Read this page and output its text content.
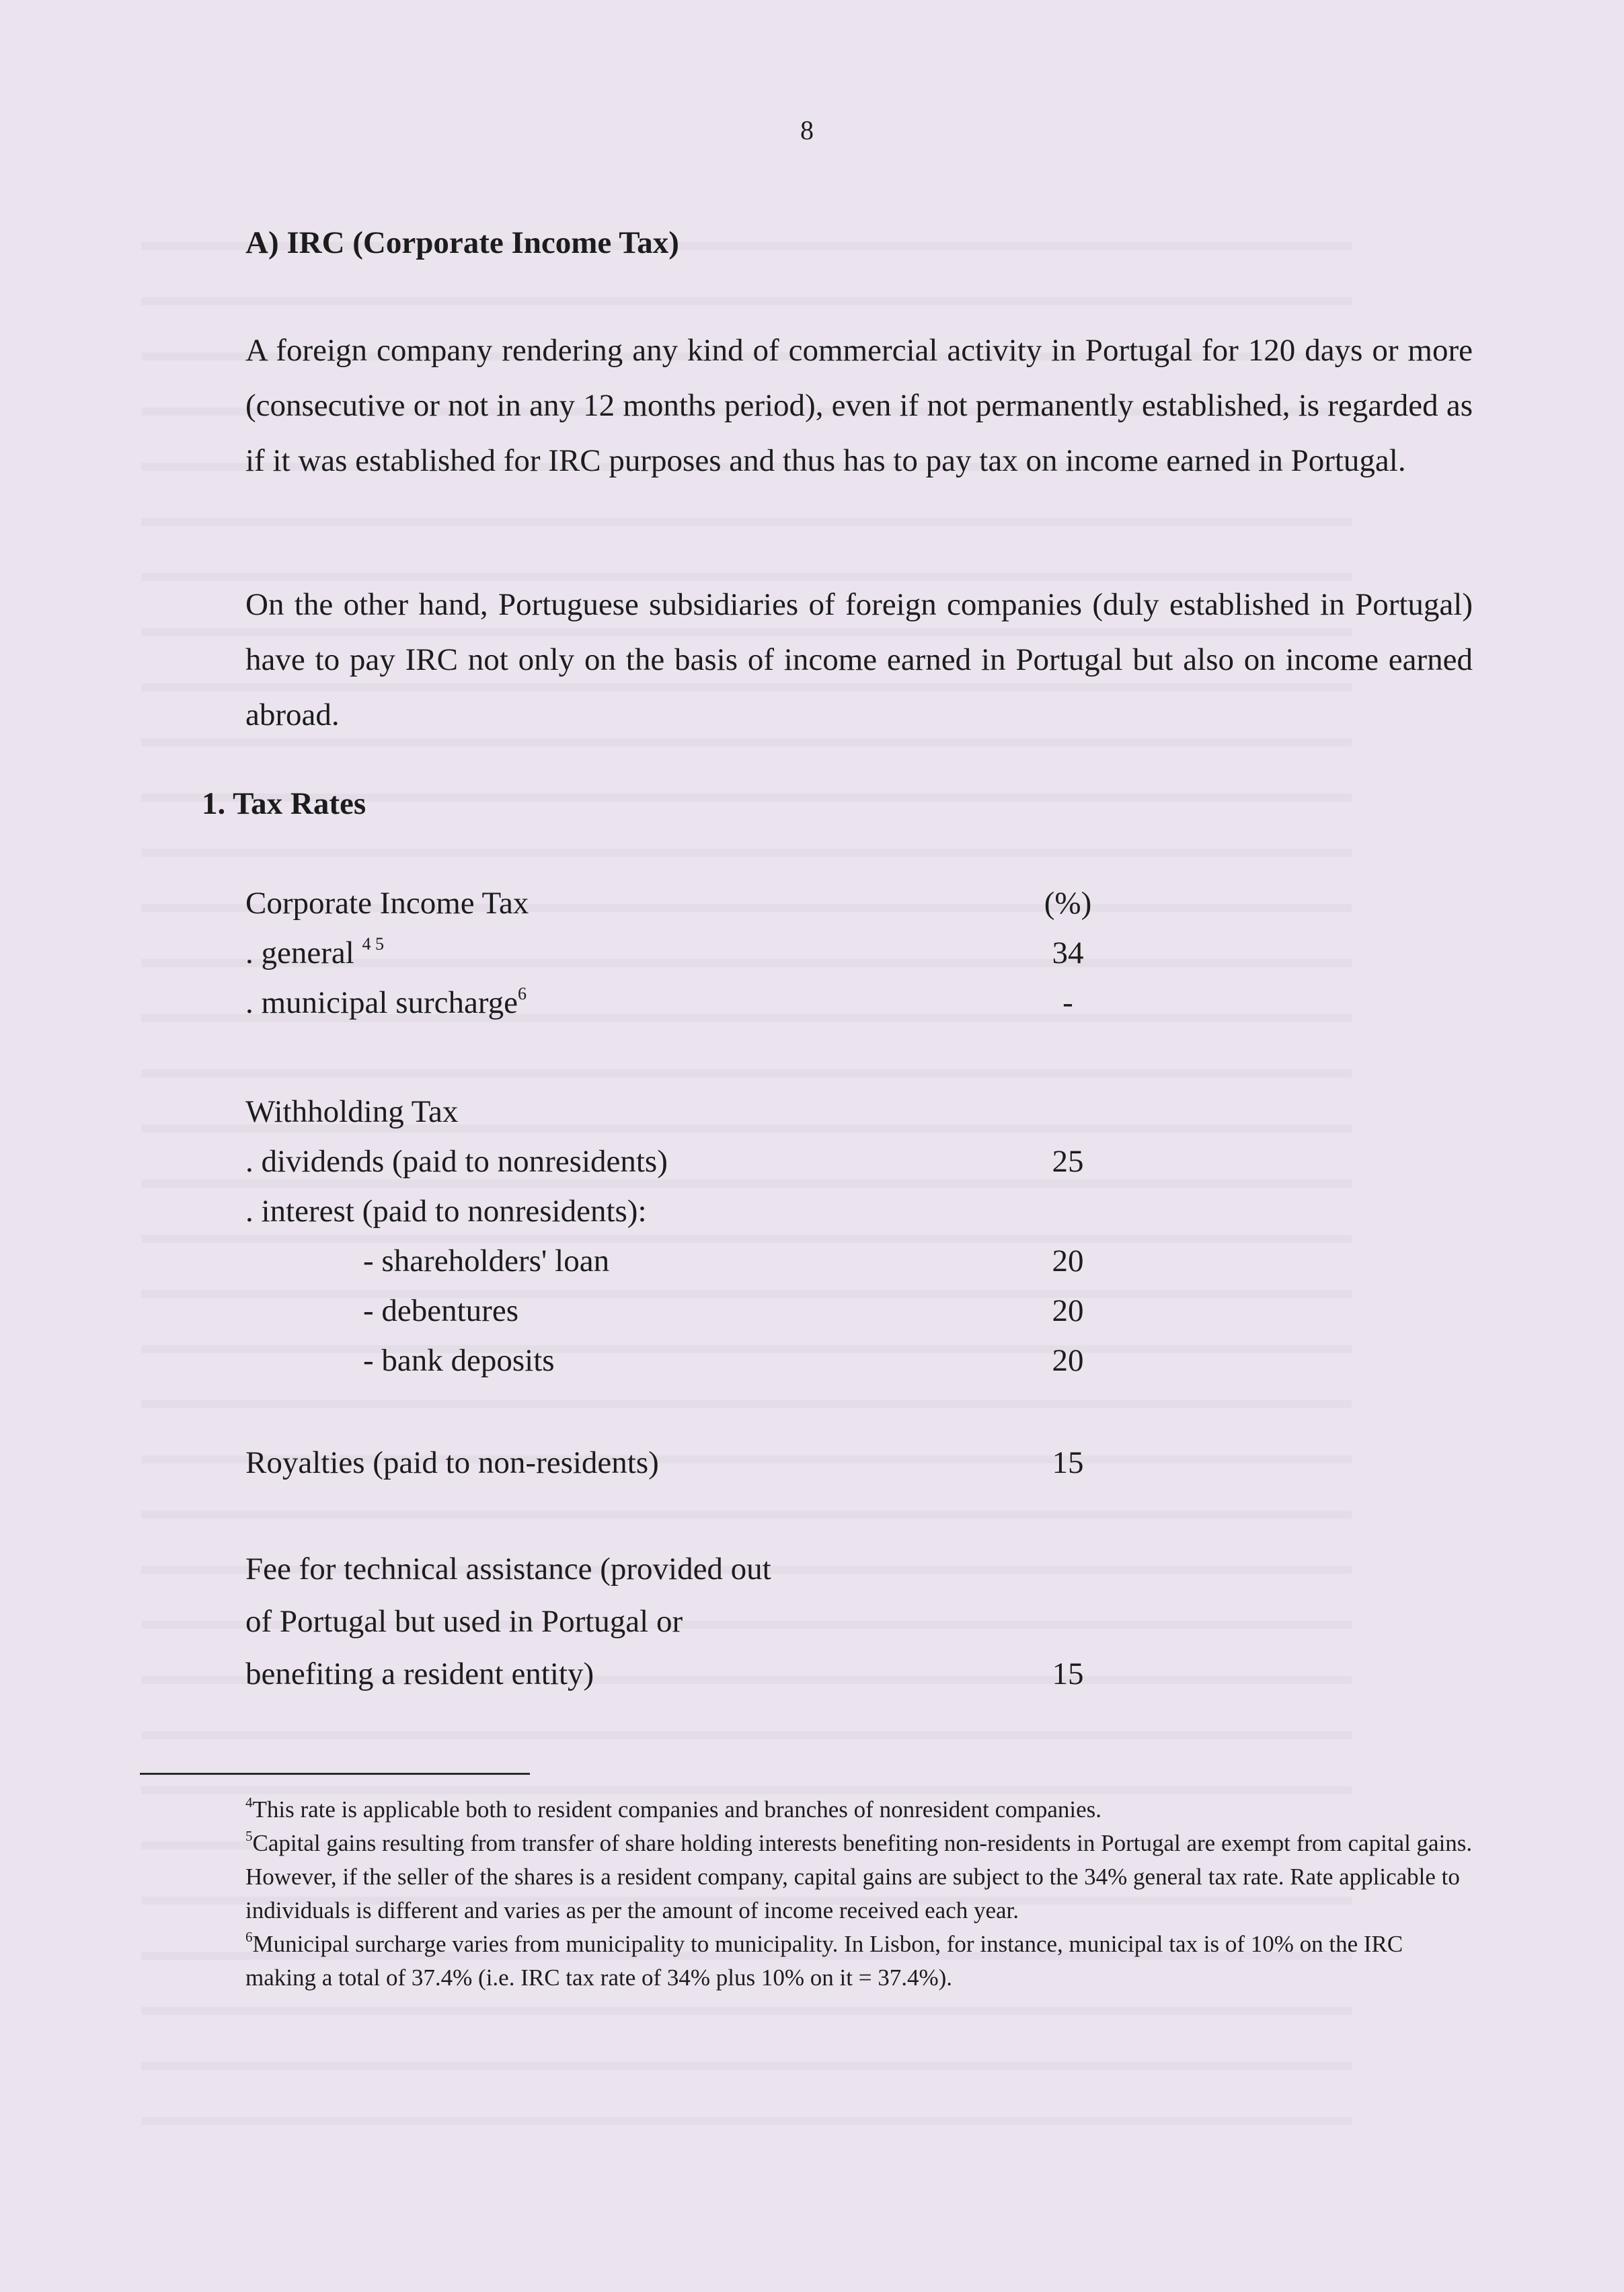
8
A) IRC (Corporate Income Tax)

A foreign company rendering any kind of commercial activity in Portugal for 120 days or more (consecutive or not in any 12 months period), even if not permanently established, is regarded as if it was established for IRC purposes and thus has to pay tax on income earned in Portugal.

On the other hand, Portuguese subsidiaries of foreign companies (duly established in Portugal) have to pay IRC not only on the basis of income earned in Portugal but also on income earned abroad.

1. Tax Rates
Corporate Income Tax	(%)
. general $^{4 5}$	34
. municipal surcharge$^6$	-
Withholding Tax
. dividends (paid to nonresidents)	25
. interest (paid to nonresidents):
- shareholders' loan	20
- debentures	20
- bank deposits	20
Royalties (paid to non-residents)	15
Fee for technical assistance (provided out
of Portugal but used in Portugal or
benefiting a resident entity)	15

$^4$This rate is applicable both to resident companies and branches of nonresident companies.

$^5$Capital gains resulting from transfer of share holding interests benefiting non-residents in Portugal are exempt from capital gains. However, if the seller of the shares is a resident company, capital gains are subject to the 34% general tax rate. Rate applicable to individuals is different and varies as per the amount of income received each year.

$^6$Municipal surcharge varies from municipality to municipality. In Lisbon, for instance, municipal tax is of 10% on the IRC making a total of 37.4% (i.e. IRC tax rate of 34% plus 10% on it = 37.4%).
